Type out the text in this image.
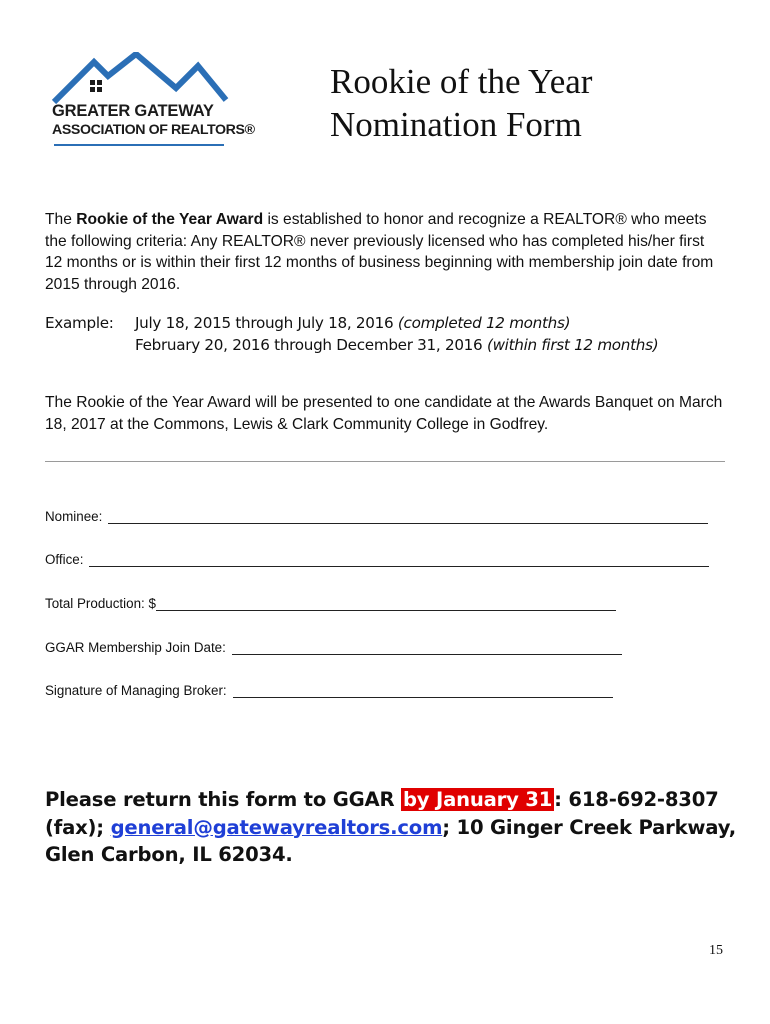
GREATER GATEWAY
ASSOCIATION OF REALTORS®
Rookie of the Year
Nomination Form
The Rookie of the Year Award is established to honor and recognize a REALTOR® who meets the following criteria: Any REALTOR® never previously licensed who has completed his/her first 12 months or is within their first 12 months of business beginning with membership join date from 2015 through 2016.
Example: July 18, 2015 through July 18, 2016 (completed 12 months)
February 20, 2016 through December 31, 2016 (within first 12 months)
The Rookie of the Year Award will be presented to one candidate at the Awards Banquet on March 18, 2017 at the Commons, Lewis & Clark Community College in Godfrey.
Nominee:
Office:
Total Production: $
GGAR Membership Join Date:
Signature of Managing Broker:
Please return this form to GGAR by January 31 : 618-692-8307 (fax); general@gatewayrealtors.com; 10 Ginger Creek Parkway, Glen Carbon, IL 62034.
15
